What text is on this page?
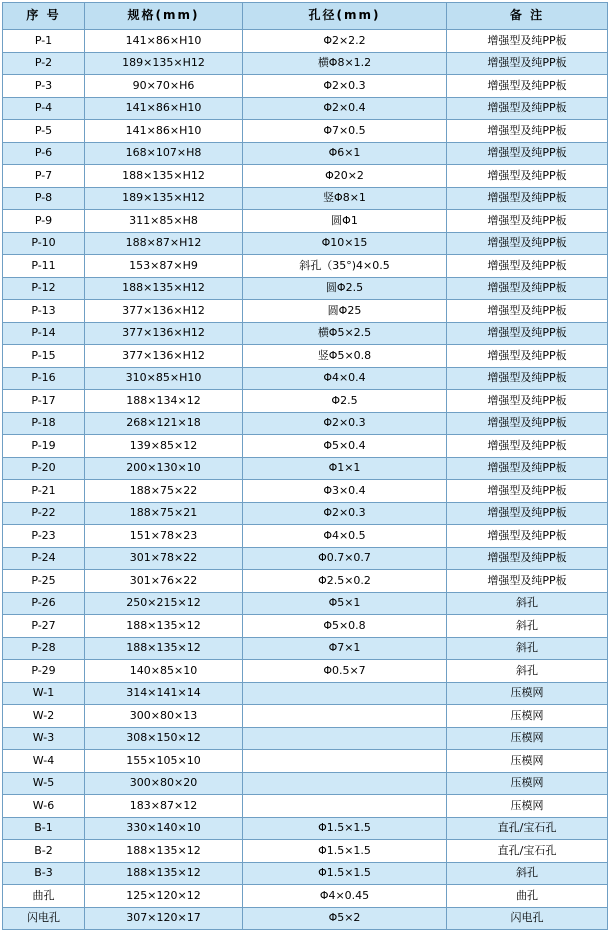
序 号	规格(mm)	孔径(mm)	备 注
P-1	141×86×H10	Φ2×2.2	增强型及纯PP板
P-2	189×135×H12	横Φ8×1.2	增强型及纯PP板
P-3	90×70×H6	Φ2×0.3	增强型及纯PP板
P-4	141×86×H10	Φ2×0.4	增强型及纯PP板
P-5	141×86×H10	Φ7×0.5	增强型及纯PP板
P-6	168×107×H8	Φ6×1	增强型及纯PP板
P-7	188×135×H12	Φ20×2	增强型及纯PP板
P-8	189×135×H12	竖Φ8×1	增强型及纯PP板
P-9	311×85×H8	圆Φ1	增强型及纯PP板
P-10	188×87×H12	Φ10×15	增强型及纯PP板
P-11	153×87×H9	斜孔（35°)4×0.5	增强型及纯PP板
P-12	188×135×H12	圆Φ2.5	增强型及纯PP板
P-13	377×136×H12	圆Φ25	增强型及纯PP板
P-14	377×136×H12	横Φ5×2.5	增强型及纯PP板
P-15	377×136×H12	竖Φ5×0.8	增强型及纯PP板
P-16	310×85×H10	Φ4×0.4	增强型及纯PP板
P-17	188×134×12	Φ2.5	增强型及纯PP板
P-18	268×121×18	Φ2×0.3	增强型及纯PP板
P-19	139×85×12	Φ5×0.4	增强型及纯PP板
P-20	200×130×10	Φ1×1	增强型及纯PP板
P-21	188×75×22	Φ3×0.4	增强型及纯PP板
P-22	188×75×21	Φ2×0.3	增强型及纯PP板
P-23	151×78×23	Φ4×0.5	增强型及纯PP板
P-24	301×78×22	Φ0.7×0.7	增强型及纯PP板
P-25	301×76×22	Φ2.5×0.2	增强型及纯PP板
P-26	250×215×12	Φ5×1	斜孔
P-27	188×135×12	Φ5×0.8	斜孔
P-28	188×135×12	Φ7×1	斜孔
P-29	140×85×10	Φ0.5×7	斜孔
W-1	314×141×14		压模网
W-2	300×80×13		压模网
W-3	308×150×12		压模网
W-4	155×105×10		压模网
W-5	300×80×20		压模网
W-6	183×87×12		压模网
B-1	330×140×10	Φ1.5×1.5	直孔/宝石孔
B-2	188×135×12	Φ1.5×1.5	直孔/宝石孔
B-3	188×135×12	Φ1.5×1.5	斜孔
曲孔	125×120×12	Φ4×0.45	曲孔
闪电孔	307×120×17	Φ5×2	闪电孔
